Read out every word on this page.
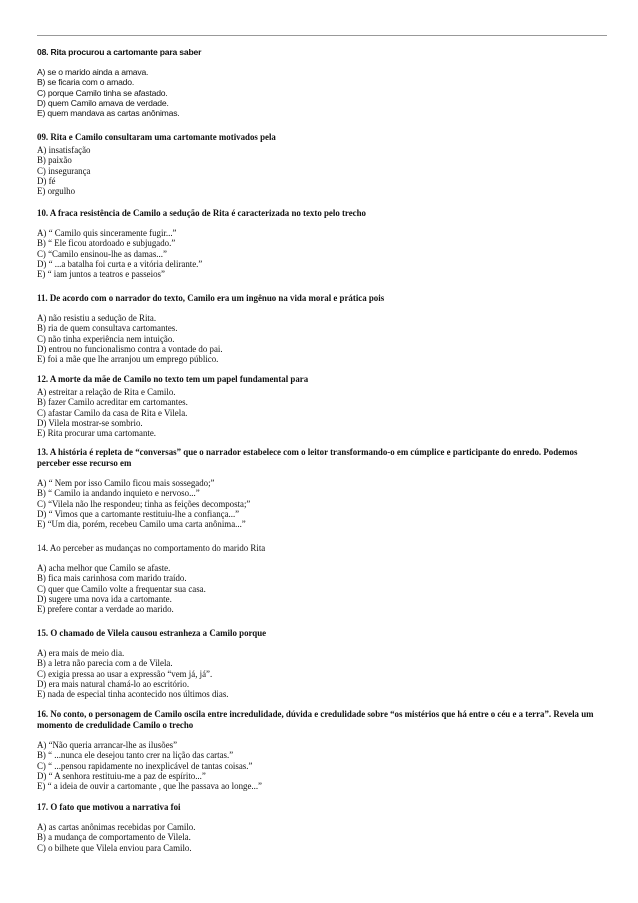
08. Rita procurou a cartomante para saber

A) se o marido ainda a amava.
B) se ficaria com o amado.
C) porque Camilo tinha se afastado.
D) quem Camilo amava de verdade.
E) quem mandava as cartas anônimas.

09. Rita e Camilo consultaram uma cartomante motivados pela

A) insatisfação
B) paixão
C) insegurança
D) fé
E) orgulho

10. A fraca resistência de Camilo a sedução de Rita é caracterizada no texto pelo trecho

A) “ Camilo quis sinceramente fugir...”
B) “ Ele ficou atordoado e subjugado.”
C) “Camilo ensinou-lhe as damas...”
D) “ ...a batalha foi curta e a vitória delirante.”
E) “ iam juntos a teatros e passeios”

11. De acordo com o narrador do texto, Camilo era um ingênuo na vida moral e prática pois

A) não resistiu a sedução de Rita.
B) ria de quem consultava cartomantes.
C) não tinha experiência nem intuição.
D) entrou no funcionalismo contra a vontade do pai.
E) foi a mãe que lhe arranjou um emprego público.

12. A morte da mãe de Camilo no texto tem um papel fundamental para

A) estreitar a relação de Rita e Camilo.
B) fazer Camilo acreditar em cartomantes.
C) afastar Camilo da casa de Rita e Vilela.
D) Vilela mostrar-se sombrio.
E) Rita procurar uma cartomante.

13. A história é repleta de “conversas” que o narrador estabelece com o leitor transformando-o em cúmplice e participante do enredo. Podemos perceber esse recurso em

A) “ Nem por isso Camilo ficou mais sossegado;”
B) “ Camilo ia andando inquieto e nervoso...”
C) “Vilela não lhe respondeu; tinha as feições decomposta;”
D) “ Vimos que a cartomante restituiu-lhe a confiança...”
E) “Um dia, porém, recebeu Camilo uma carta anônima...”

14. Ao perceber as mudanças no comportamento do marido Rita

A) acha melhor que Camilo se afaste.
B) fica mais carinhosa com marido traído.
C) quer que Camilo volte a frequentar sua casa.
D) sugere uma nova ida a cartomante.
E) prefere contar a verdade ao marido.

15. O chamado de Vilela causou estranheza a Camilo porque

A) era mais de meio dia.
B) a letra não parecia com a de Vilela.
C) exigia pressa ao usar a expressão “vem já, já”.
D) era mais natural chamá-lo ao escritório.
E) nada de especial tinha acontecido nos últimos dias.

16. No conto, o personagem de Camilo oscila entre incredulidade, dúvida e credulidade sobre “os mistérios que há entre o céu e a terra”. Revela um momento de credulidade Camilo o trecho

A) “Não queria arrancar-lhe as ilusões”
B) “ ...nunca ele desejou tanto crer na lição das cartas.”
C) “ ...pensou rapidamente no inexplicável de tantas coisas.”
D) “ A senhora restituiu-me a paz de espírito...”
E) “ a ideia de ouvir a cartomante , que lhe passava ao longe...”

17. O fato que motivou a narrativa foi

A) as cartas anônimas recebidas por Camilo.
B) a mudança de comportamento de Vilela.
C) o bilhete que Vilela enviou para Camilo.
